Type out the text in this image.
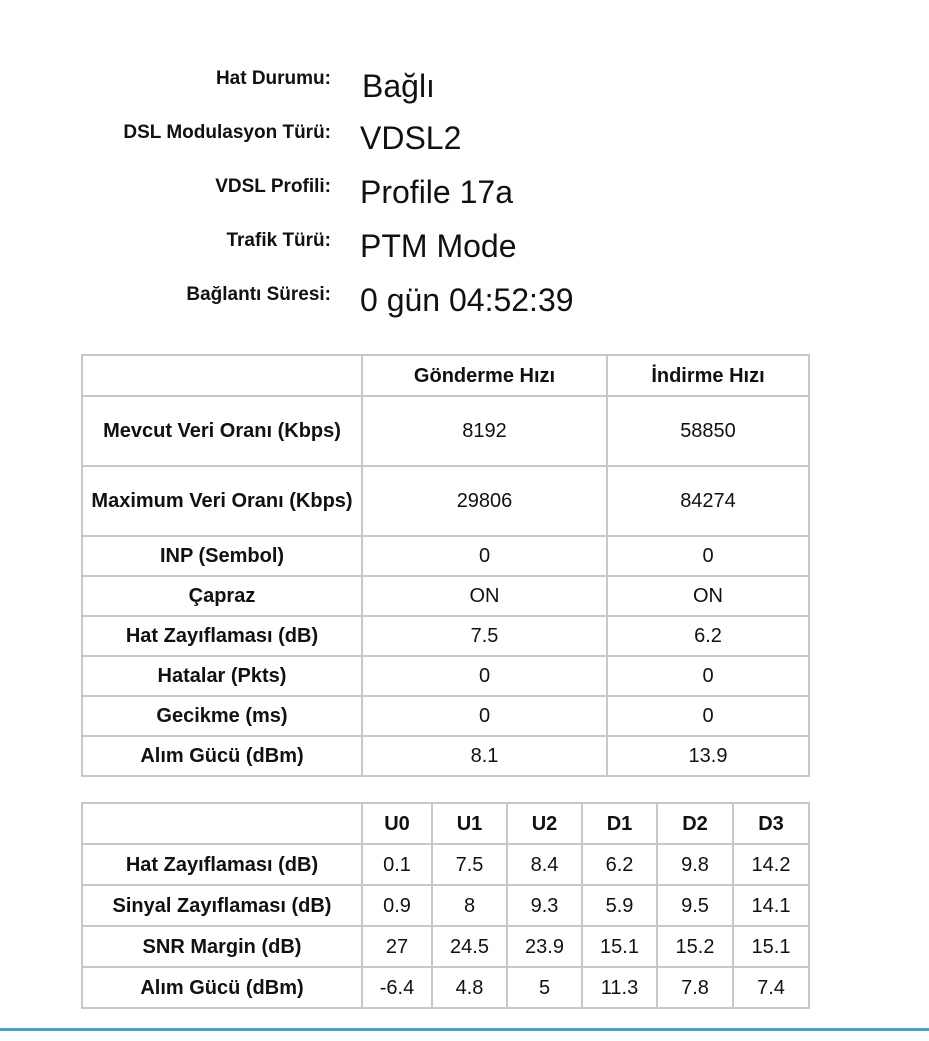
Hat Durumu: Bağlı
DSL Modulasyon Türü: VDSL2
VDSL Profili: Profile 17a
Trafik Türü: PTM Mode
Bağlantı Süresi: 0 gün 04:52:39
	Gönderme Hızı	İndirme Hızı
Mevcut Veri Oranı (Kbps)	8192	58850
Maximum Veri Oranı (Kbps)	29806	84274
INP (Sembol)	0	0
Çapraz	ON	ON
Hat Zayıflaması (dB)	7.5	6.2
Hatalar (Pkts)	0	0
Gecikme (ms)	0	0
Alım Gücü (dBm)	8.1	13.9
	U0	U1	U2	D1	D2	D3
Hat Zayıflaması (dB)	0.1	7.5	8.4	6.2	9.8	14.2
Sinyal Zayıflaması (dB)	0.9	8	9.3	5.9	9.5	14.1
SNR Margin (dB)	27	24.5	23.9	15.1	15.2	15.1
Alım Gücü (dBm)	-6.4	4.8	5	11.3	7.8	7.4
